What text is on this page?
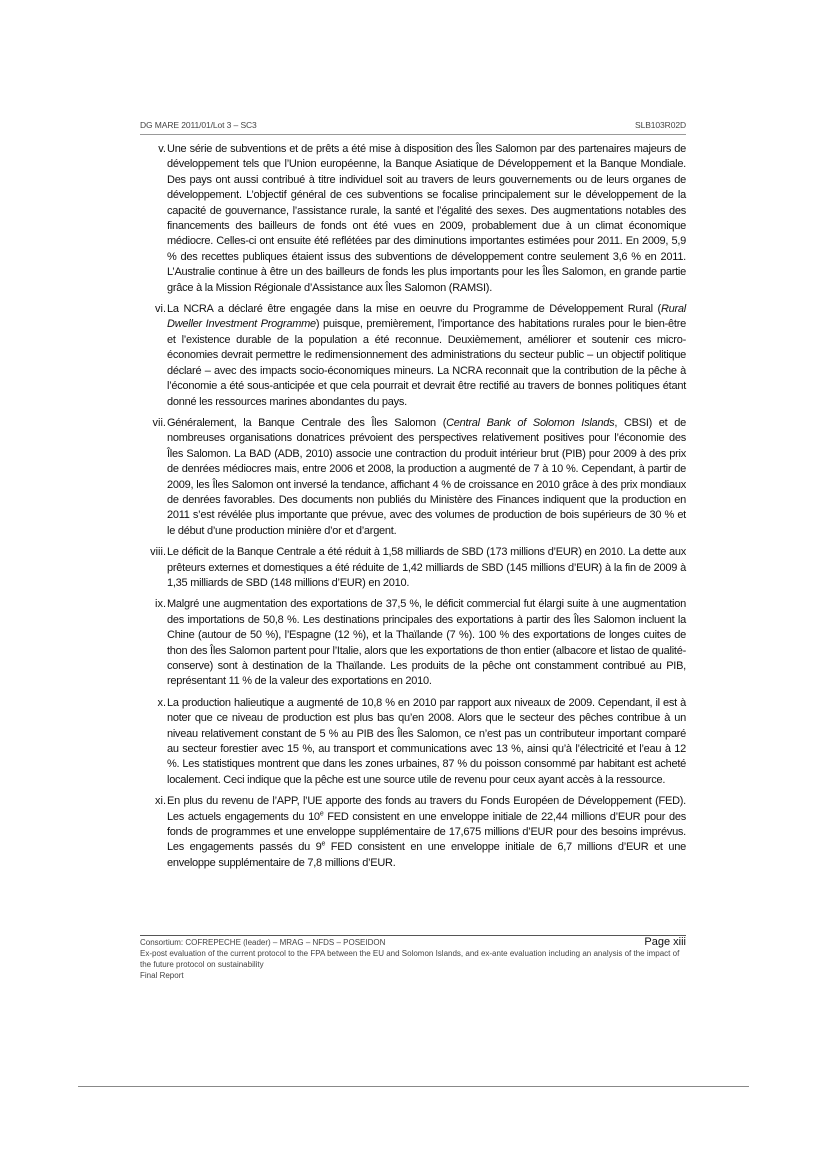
DG MARE 2011/01/Lot 3 – SC3	SLB103R02D
v. Une série de subventions et de prêts a été mise à disposition des Îles Salomon par des partenaires majeurs de développement tels que l’Union européenne, la Banque Asiatique de Développement et la Banque Mondiale. Des pays ont aussi contribué à titre individuel soit au travers de leurs gouvernements ou de leurs organes de développement. L’objectif général de ces subventions se focalise principalement sur le développement de la capacité de gouvernance, l’assistance rurale, la santé et l’égalité des sexes. Des augmentations notables des financements des bailleurs de fonds ont été vues en 2009, probablement due à un climat économique médiocre. Celles-ci ont ensuite été reflétées par des diminutions importantes estimées pour 2011. En 2009, 5,9 % des recettes publiques étaient issus des subventions de développement contre seulement 3,6 % en 2011. L’Australie continue à être un des bailleurs de fonds les plus importants pour les Îles Salomon, en grande partie grâce à la Mission Régionale d’Assistance aux Îles Salomon (RAMSI).
vi. La NCRA a déclaré être engagée dans la mise en oeuvre du Programme de Développement Rural (Rural Dweller Investment Programme) puisque, premièrement, l’importance des habitations rurales pour le bien-être et l’existence durable de la population a été reconnue. Deuxièmement, améliorer et soutenir ces micro-économies devrait permettre le redimensionnement des administrations du secteur public – un objectif politique déclaré – avec des impacts socio-économiques mineurs. La NCRA reconnait que la contribution de la pêche à l’économie a été sous-anticipée et que cela pourrait et devrait être rectifié au travers de bonnes politiques étant donné les ressources marines abondantes du pays.
vii. Généralement, la Banque Centrale des Îles Salomon (Central Bank of Solomon Islands, CBSI) et de nombreuses organisations donatrices prévoient des perspectives relativement positives pour l’économie des Îles Salomon. La BAD (ADB, 2010) associe une contraction du produit intérieur brut (PIB) pour 2009 à des prix de denrées médiocres mais, entre 2006 et 2008, la production a augmenté de 7 à 10 %. Cependant, à partir de 2009, les Îles Salomon ont inversé la tendance, affichant 4 % de croissance en 2010 grâce à des prix mondiaux de denrées favorables. Des documents non publiés du Ministère des Finances indiquent que la production en 2011 s’est révélée plus importante que prévue, avec des volumes de production de bois supérieurs de 30 % et le début d’une production minière d’or et d’argent.
viii. Le déficit de la Banque Centrale a été réduit à 1,58 milliards de SBD (173 millions d’EUR) en 2010. La dette aux prêteurs externes et domestiques a été réduite de 1,42 milliards de SBD (145 millions d’EUR) à la fin de 2009 à 1,35 milliards de SBD (148 millions d’EUR) en 2010.
ix. Malgré une augmentation des exportations de 37,5 %, le déficit commercial fut élargi suite à une augmentation des importations de 50,8 %. Les destinations principales des exportations à partir des Îles Salomon incluent la Chine (autour de 50 %), l’Espagne (12 %), et la Thaïlande (7 %). 100 % des exportations de longes cuites de thon des Îles Salomon partent pour l’Italie, alors que les exportations de thon entier (albacore et listao de qualité-conserve) sont à destination de la Thaïlande. Les produits de la pêche ont constamment contribué au PIB, représentant 11 % de la valeur des exportations en 2010.
x. La production halieutique a augmenté de 10,8 % en 2010 par rapport aux niveaux de 2009. Cependant, il est à noter que ce niveau de production est plus bas qu’en 2008. Alors que le secteur des pêches contribue à un niveau relativement constant de 5 % au PIB des Îles Salomon, ce n’est pas un contributeur important comparé au secteur forestier avec 15 %, au transport et communications avec 13 %, ainsi qu’à l’électricité et l’eau à 12 %. Les statistiques montrent que dans les zones urbaines, 87 % du poisson consommé par habitant est acheté localement. Ceci indique que la pêche est une source utile de revenu pour ceux ayant accès à la ressource.
xi. En plus du revenu de l’APP, l’UE apporte des fonds au travers du Fonds Européen de Développement (FED). Les actuels engagements du 10e FED consistent en une enveloppe initiale de 22,44 millions d’EUR pour des fonds de programmes et une enveloppe supplémentaire de 17,675 millions d’EUR pour des besoins imprévus. Les engagements passés du 9e FED consistent en une enveloppe initiale de 6,7 millions d’EUR et une enveloppe supplémentaire de 7,8 millions d’EUR.
Consortium: COFREPECHE (leader) – MRAG – NFDS – POSEIDON	Page xiii
Ex-post evaluation of the current protocol to the FPA between the EU and Solomon Islands, and ex-ante evaluation including an analysis of the impact of the future protocol on sustainability
Final Report
